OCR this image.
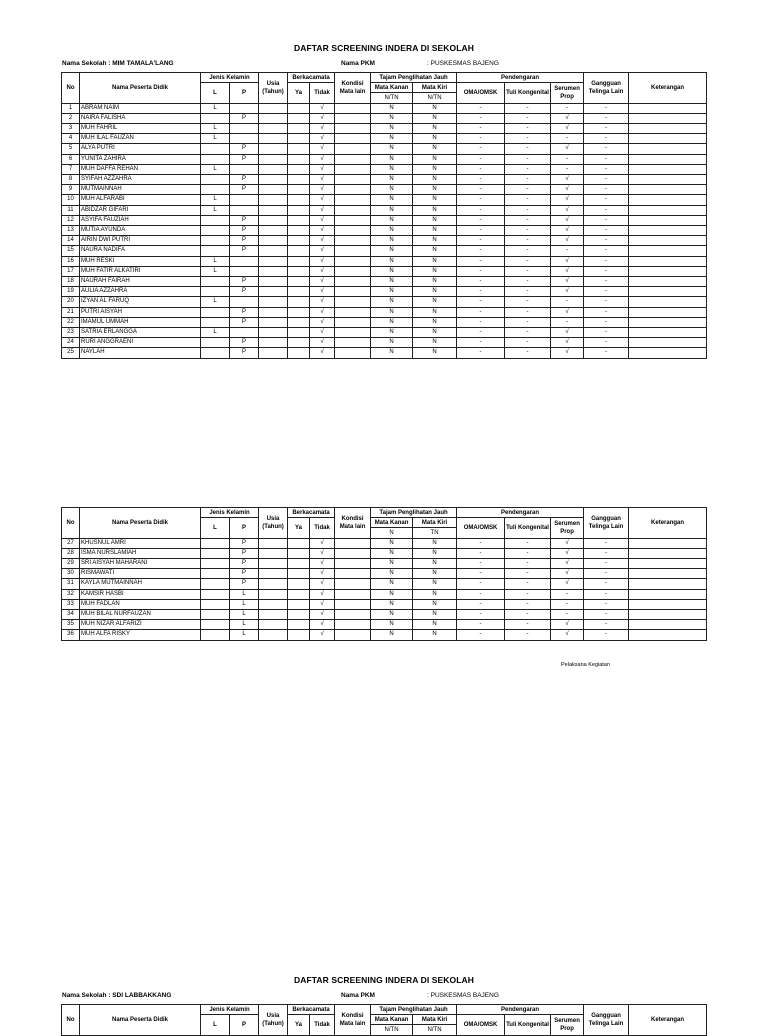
DAFTAR SCREENING INDERA DI SEKOLAH
Nama Sekolah : MIM TAMALA'LANG	Nama PKM	: PUSKESMAS BAJENG
No	Nama Peserta Didik	Jenis Kelamin		Usia (Tahun)	Berkacamata		Kondisi Mata lain	Tajam Penglihatan Jauh		Pendengaran			Gangguan Telinga Lain	Keterangan
		L	P		Ya	Tidak		Mata Kanan	Mata Kiri	OMA/OMSK	Tuli Kongenital	Serumen Prop		
								N/TN	N/TN					
1	ABRAM NAIM	L				√		N	N	-	-	-	-	
2	NAIRA FALISHA		P			√		N	N	-	-	√	-	
3	MUH FAHRIL	L				√		N	N	-	-	√	-	
4	MUH ILAL FAUZAN	L				√		N	N	-	-	-	-	
5	ALYA PUTRI		P			√		N	N	-	-	√	-	
6	YUNITA ZAHIRA		P			√		N	N	-	-	-	-	
7	MUH DAFFA REHAN	L				√		N	N	-	-	-	-	
8	SYIFAH AZZAHRA		P			√		N	N	-	-	√	-	
9	MUTMAINNAH		P			√		N	N	-	-	√	-	
10	MUH ALFARABI	L				√		N	N	-	-	√	-	
11	ABIDZAR GIFARI	L				√		N	N	-	-	√	-	
12	ASYIFA FAUZIAH		P			√		N	N	-	-	√	-	
13	MUTIA AYUNDA		P			√		N	N	-	-	√	-	
14	AIRIN DWI PUTRI		P			√		N	N	-	-	√	-	
15	NAURA NADIFA		P			√		N	N	-	-	-	-	
16	MUH RESKI	L				√		N	N	-	-	√	-	
17	MUH FATIR ALKATIRI	L				√		N	N	-	-	√	-	
18	NAURAH FAIRAH		P			√		N	N	-	-	√	-	
19	AULIA AZZAHRA		P			√		N	N	-	-	√	-	
20	IZYAN AL FARUQ	L				√		N	N	-	-	-	-	
21	PUTRI AISYAH		P			√		N	N	-	-	√	-	
22	IMAMUL UMMAH		P			√		N	N	-	-	-	-	
23	SATRIA ERLANGGA	L				√		N	N	-	-	√	-	
24	RURI ANGGRAENI		P			√		N	N	-	-	√	-	
25	NAYLAH		P			√		N	N	-	-	√	-	
No	Nama Peserta Didik	Jenis Kelamin		Usia (Tahun)	Berkacamata		Kondisi Mata lain	Tajam Penglihatan Jauh		Pendengaran			Gangguan Telinga Lain	Keterangan
		L	P		Ya	Tidak		Mata Kanan	Mata Kiri	OMA/OMSK	Tuli Kongenital	Serumen Prop		
								N	TN					
27	KHUSNUL AMRI		P			√		N	N	-	-	√	-	
28	ISMA NURSLAMIAH		P			√		N	N	-	-	√	-	
29	SRI AISYAH MAHARANI		P			√		N	N	-	-	√	-	
30	RISMAWATI		P			√		N	N	-	-	√	-	
31	KAYLA MUTMAINNAH		P			√		N	N	-	-	√	-	
32	KAMSIR HASBI		L			√		N	N	-	-	-	-	
33	MUH FADLAN		L			√		N	N	-	-	-	-	
34	MUH BILAL NURFAUZAN		L			√		N	N	-	-	-	-	
35	MUH NIZAR ALFARIZI		L			√		N	N	-	-	√	-	
36	MUH ALFA RISKY		L			√		N	N	-	-	√	-	
Pelaksana Kegiatan
DAFTAR SCREENING INDERA DI SEKOLAH
Nama Sekolah : SDI LABBAKKANG	Nama PKM	: PUSKESMAS BAJENG
No	Nama Peserta Didik	Jenis Kelamin		Usia (Tahun)	Berkacamata		Kondisi Mata lain	Tajam Penglihatan Jauh		Pendengaran			Gangguan Telinga Lain	Keterangan
		L	P		Ya	Tidak		Mata Kanan	Mata Kiri	OMA/OMSK	Tuli Kongenital	Serumen Prop		
								N/TN	N/TN					
